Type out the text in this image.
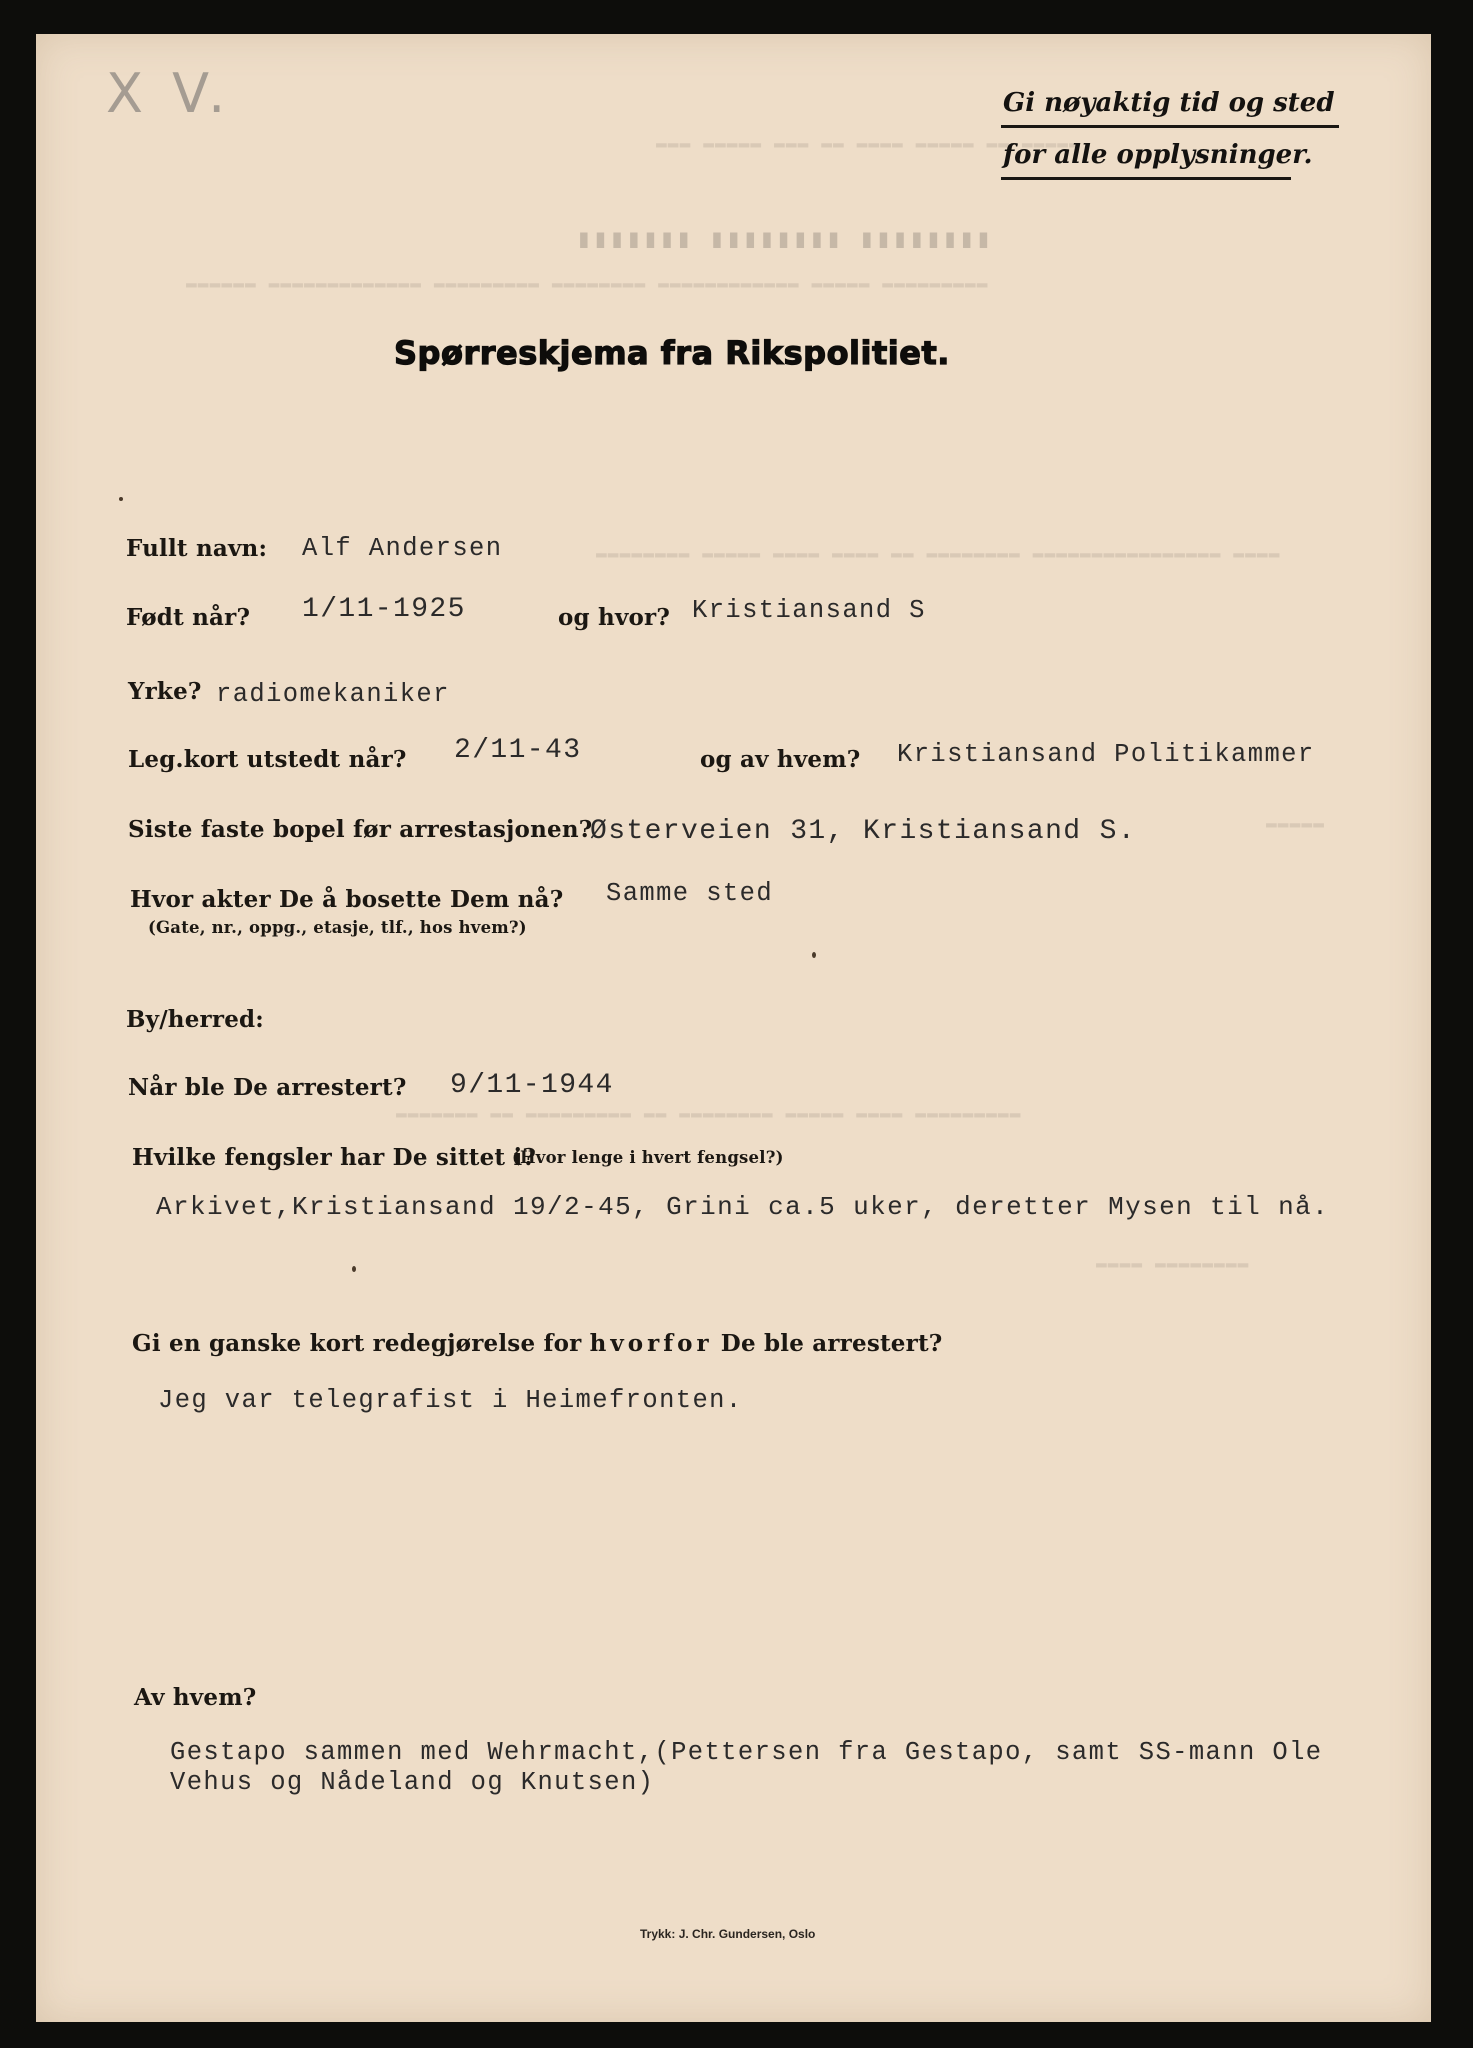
▬▬▬ ▬▬▬▬▬ ▬▬▬ ▬▬ ▬▬▬▬ ▬▬▬▬▬ ▬▬ ▬▬▬▬▬
▮▮▮▮▮▮▮ ▮▮▮▮▮▮▮▮ ▮▮▮▮▮▮▮▮
▬▬▬▬▬▬ ▬▬▬▬▬▬▬▬▬▬▬▬▬ ▬▬▬▬▬▬▬▬▬ ▬▬▬▬▬▬▬▬ ▬▬▬▬▬▬▬▬▬▬▬▬ ▬▬▬▬▬ ▬▬▬▬▬▬▬▬▬
▬▬▬▬▬▬▬▬ ▬▬▬▬▬ ▬▬▬▬ ▬▬▬▬ ▬▬ ▬▬▬▬▬▬▬▬ ▬▬▬▬▬▬▬▬▬▬▬▬▬▬▬▬ ▬▬▬▬
▬▬▬▬▬
▬▬▬▬▬▬▬ ▬▬ ▬▬▬▬▬▬▬▬▬ ▬▬ ▬▬▬▬▬▬▬▬ ▬▬▬▬▬ ▬▬▬▬ ▬▬▬▬▬▬▬▬▬
▬▬▬▬ ▬▬▬▬▬▬▬▬
X V.	Gi nøyaktig tid og sted
for alle opplysninger.
Spørreskjema fra Rikspolitiet.
Fullt navn: Alf Andersen
Født når? 1/11-1925	og hvor? Kristiansand S
Yrke? radiomekaniker
Leg.kort utstedt når? 2/11-43	og av hvem? Kristiansand Politikammer
Siste faste bopel før arrestasjonen?
Østerveien 31, Kristiansand S.
Hvor akter De å bosette Dem nå?
(Gate, nr., oppg., etasje, tlf., hos hvem?)
Samme sted
By/herred:
Når ble De arrestert? 9/11-1944
Hvilke fengsler har De sittet i?
(Hvor lenge i hvert fengsel?)
Arkivet,Kristiansand 19/2-45, Grini ca.5 uker, deretter Mysen til nå.
Gi en ganske kort redegjørelse for hvorfor De ble arrestert?
Jeg var telegrafist i Heimefronten.
Av hvem?
Gestapo sammen med Wehrmacht,(Pettersen fra Gestapo, samt SS-mann Ole
Vehus og Nådeland og Knutsen)
Trykk: J. Chr. Gundersen, Oslo
